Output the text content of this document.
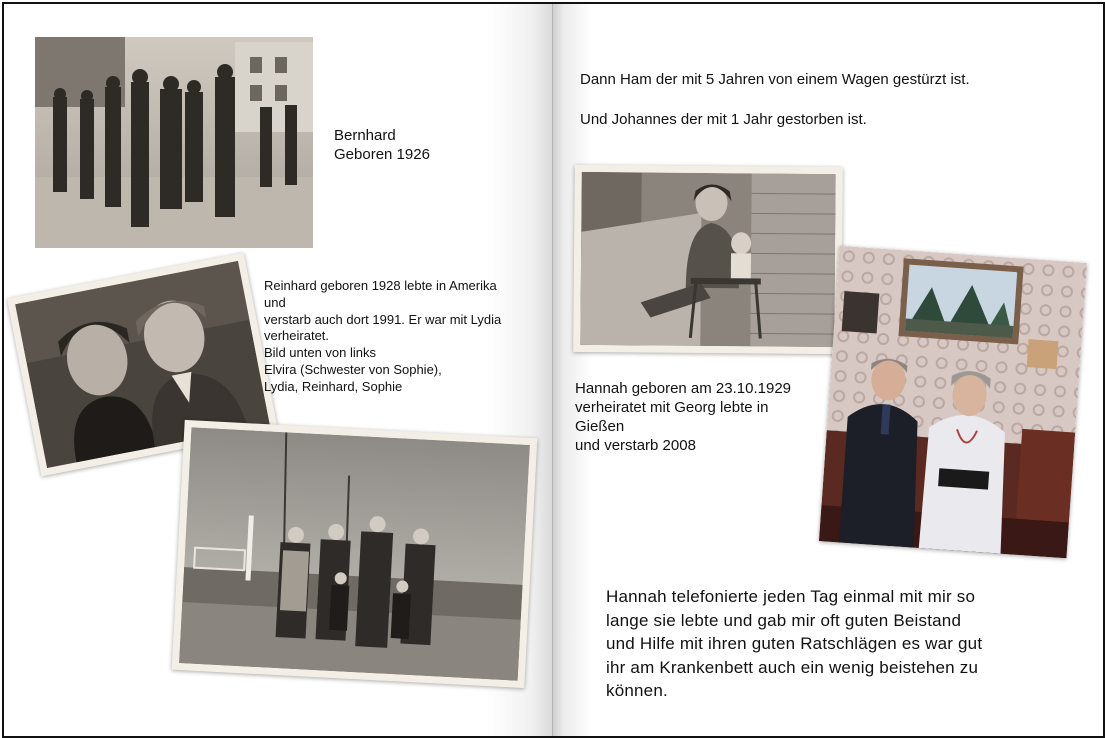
Bernhard
Geboren 1926
Reinhard geboren 1928 lebte in Amerika
und
verstarb auch dort 1991. Er war mit Lydia
verheiratet.
Bild unten von links
Elvira (Schwester von Sophie),
Lydia, Reinhard, Sophie
Dann Ham der mit 5 Jahren von einem Wagen gestürzt ist.
Und Johannes der mit 1 Jahr gestorben ist.
Hannah geboren am 23.10.1929
verheiratet mit Georg lebte in
Gießen
und verstarb 2008
Hannah telefonierte jeden Tag einmal mit mir so
lange sie lebte und gab mir oft guten Beistand
und Hilfe mit ihren guten Ratschlägen es war gut
ihr am Krankenbett auch ein wenig beistehen zu
können.
